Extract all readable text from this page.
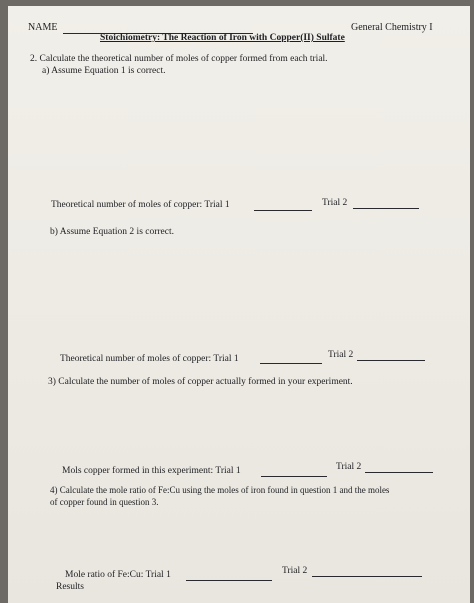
NAME	General Chemistry I
Stoichiometry: The Reaction of Iron with Copper(II) Sulfate
2. Calculate the theoretical number of moles of copper formed from each trial.
a) Assume Equation 1 is correct.
Theoretical number of moles of copper: Trial 1	Trial 2
b) Assume Equation 2 is correct.
Theoretical number of moles of copper: Trial 1	Trial 2
3) Calculate the number of moles of copper actually formed in your experiment.
Mols copper formed in this experiment: Trial 1	Trial 2
4) Calculate the mole ratio of Fe:Cu using the moles of iron found in question 1 and the moles
of copper found in question 3.
Mole ratio of Fe:Cu: Trial 1	Trial 2
Results
